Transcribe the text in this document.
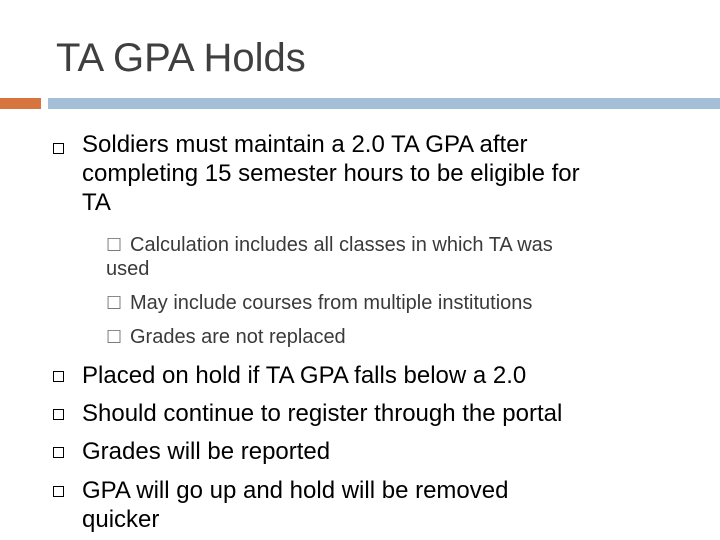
TA GPA Holds
Soldiers must maintain a 2.0 TA GPA after
completing 15 semester hours to be eligible for
TA
☐ Calculation includes all classes in which TA was
used
☐ May include courses from multiple institutions
☐ Grades are not replaced
Placed on hold if TA GPA falls below a 2.0
Should continue to register through the portal
Grades will be reported
GPA will go up and hold will be removed
quicker
